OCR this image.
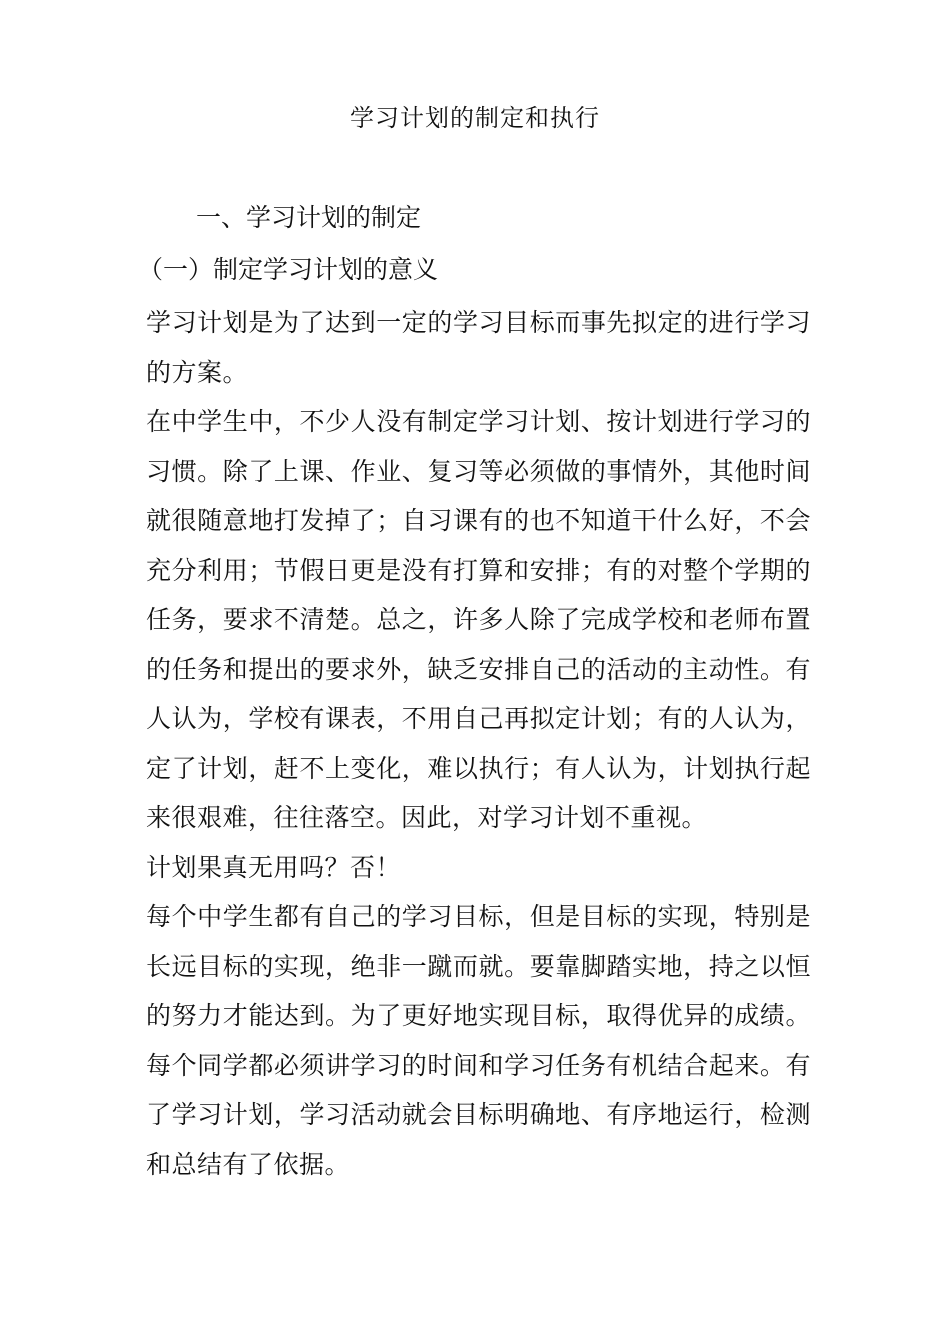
学习计划的制定和执行
一、学习计划的制定
（一）制定学习计划的意义

学习计划是为了达到一定的学习目标而事先拟定的进行学习的方案。

在中学生中，不少人没有制定学习计划、按计划进行学习的习惯。除了上课、作业、复习等必须做的事情外，其他时间就很随意地打发掉了；自习课有的也不知道干什么好，不会充分利用；节假日更是没有打算和安排；有的对整个学期的任务，要求不清楚。总之，许多人除了完成学校和老师布置的任务和提出的要求外，缺乏安排自己的活动的主动性。有人认为，学校有课表，不用自己再拟定计划；有的人认为，定了计划，赶不上变化，难以执行；有人认为，计划执行起来很艰难，往往落空。因此，对学习计划不重视。

计划果真无用吗？否！

每个中学生都有自己的学习目标，但是目标的实现，特别是长远目标的实现，绝非一蹴而就。要靠脚踏实地，持之以恒的努力才能达到。为了更好地实现目标，取得优异的成绩。每个同学都必须讲学习的时间和学习任务有机结合起来。有了学习计划，学习活动就会目标明确地、有序地运行，检测和总结有了依据。
